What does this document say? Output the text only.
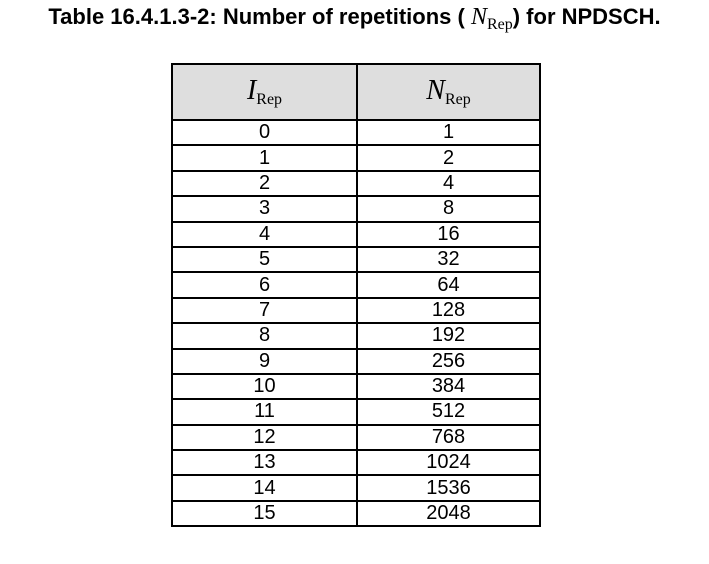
Table 16.4.1.3-2: Number of repetitions ( $N_{Rep}$) for NPDSCH.
$I_{Rep}$	$N_{Rep}$
0	1
1	2
2	4
3	8
4	16
5	32
6	64
7	128
8	192
9	256
10	384
11	512
12	768
13	1024
14	1536
15	2048
